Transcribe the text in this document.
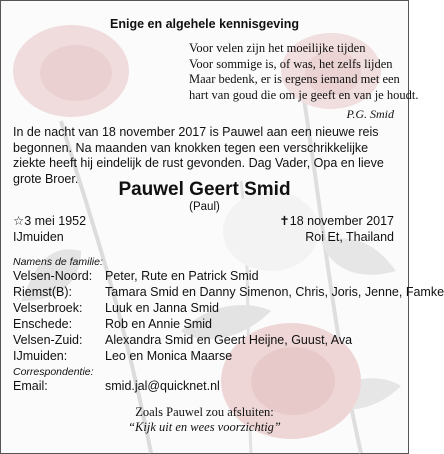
Enige en algehele kennisgeving
Voor velen zijn het moeilijke tijden
Voor sommige is, of was, het zelfs lijden
Maar bedenk, er is ergens iemand met een
hart van goud die om je geeft en van je houdt.
P.G. Smid
In de nacht van 18 november 2017 is Pauwel aan een nieuwe reis begonnen. Na maanden van knokken tegen een verschrikkelijke ziekte heeft hij eindelijk de rust gevonden. Dag Vader, Opa en lieve grote Broer.
Pauwel Geert Smid
(Paul)
☆3 mei 1952
IJmuiden
✝18 november 2017
Roi Et, Thailand
Namens de familie:
Velsen-Noord: Peter, Rute en Patrick Smid
Riemst(B):	Tamara Smid en Danny Simenon, Chris, Joris, Jenne, Famke
Velserbroek: Luuk en Janna Smid
Enschede:	Rob en Annie Smid
Velsen-Zuid: Alexandra Smid en Geert Heijne, Guust, Ava
IJmuiden:	Leo en Monica Maarse
Correspondentie:
Email:	smid.jal@quicknet.nl
Zoals Pauwel zou afsluiten:
“Kijk uit en wees voorzichtig”
